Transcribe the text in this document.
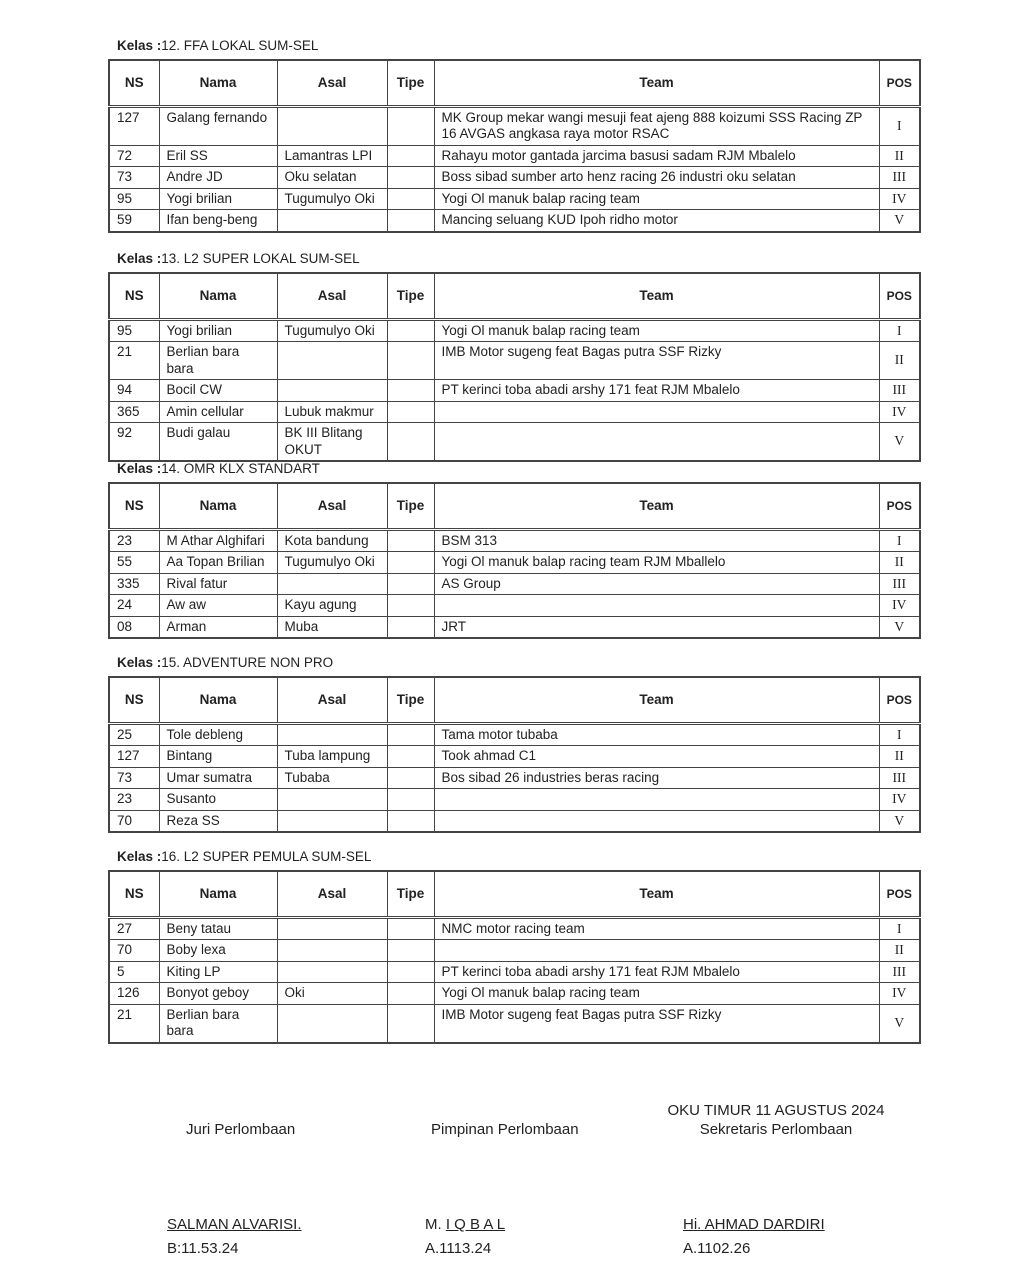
Kelas :12. FFA LOKAL SUM-SEL
NS	Nama	Asal	Tipe	Team	POS
127	Galang fernando			MK Group mekar wangi mesuji feat ajeng 888 koizumi SSS Racing ZP 16 AVGAS angkasa raya motor RSAC	I
72	Eril SS	Lamantras LPI		Rahayu motor gantada jarcima basusi sadam RJM Mbalelo	II
73	Andre JD	Oku selatan		Boss sibad sumber arto henz racing 26 industri oku selatan	III
95	Yogi brilian	Tugumulyo Oki		Yogi Ol manuk balap racing team	IV
59	Ifan beng-beng			Mancing seluang KUD Ipoh ridho motor	V
Kelas :13. L2 SUPER LOKAL SUM-SEL
NS	Nama	Asal	Tipe	Team	POS
95	Yogi brilian	Tugumulyo Oki		Yogi Ol manuk balap racing team	I
21	Berlian bara bara			IMB Motor sugeng feat Bagas putra SSF Rizky	II
94	Bocil CW			PT kerinci toba abadi arshy 171 feat RJM Mbalelo	III
365	Amin cellular	Lubuk makmur			IV
92	Budi galau	BK III Blitang OKUT			V
Kelas :14. OMR KLX STANDART
NS	Nama	Asal	Tipe	Team	POS
23	M Athar Alghifari	Kota bandung		BSM 313	I
55	Aa Topan Brilian	Tugumulyo Oki		Yogi Ol manuk balap racing team RJM Mballelo	II
335	Rival fatur			AS Group	III
24	Aw aw	Kayu agung			IV
08	Arman	Muba		JRT	V
Kelas :15. ADVENTURE NON PRO
NS	Nama	Asal	Tipe	Team	POS
25	Tole debleng			Tama motor tubaba	I
127	Bintang	Tuba lampung		Took ahmad C1	II
73	Umar sumatra	Tubaba		Bos sibad 26 industries beras racing	III
23	Susanto				IV
70	Reza SS				V
Kelas :16. L2 SUPER PEMULA SUM-SEL
NS	Nama	Asal	Tipe	Team	POS
27	Beny tatau			NMC motor racing team	I
70	Boby lexa				II
5	Kiting LP			PT kerinci toba abadi arshy 171 feat RJM Mbalelo	III
126	Bonyot geboy	Oki		Yogi Ol manuk balap racing team	IV
21	Berlian bara bara			IMB Motor sugeng feat Bagas putra SSF Rizky	V
OKU TIMUR 11 AGUSTUS 2024
Juri Perlombaan	Pimpinan Perlombaan	Sekretaris Perlombaan
SALMAN ALVARISI.
B:11.53.24
M. I Q B A L
A.1113.24
Hi. AHMAD DARDIRI
A.1102.26
